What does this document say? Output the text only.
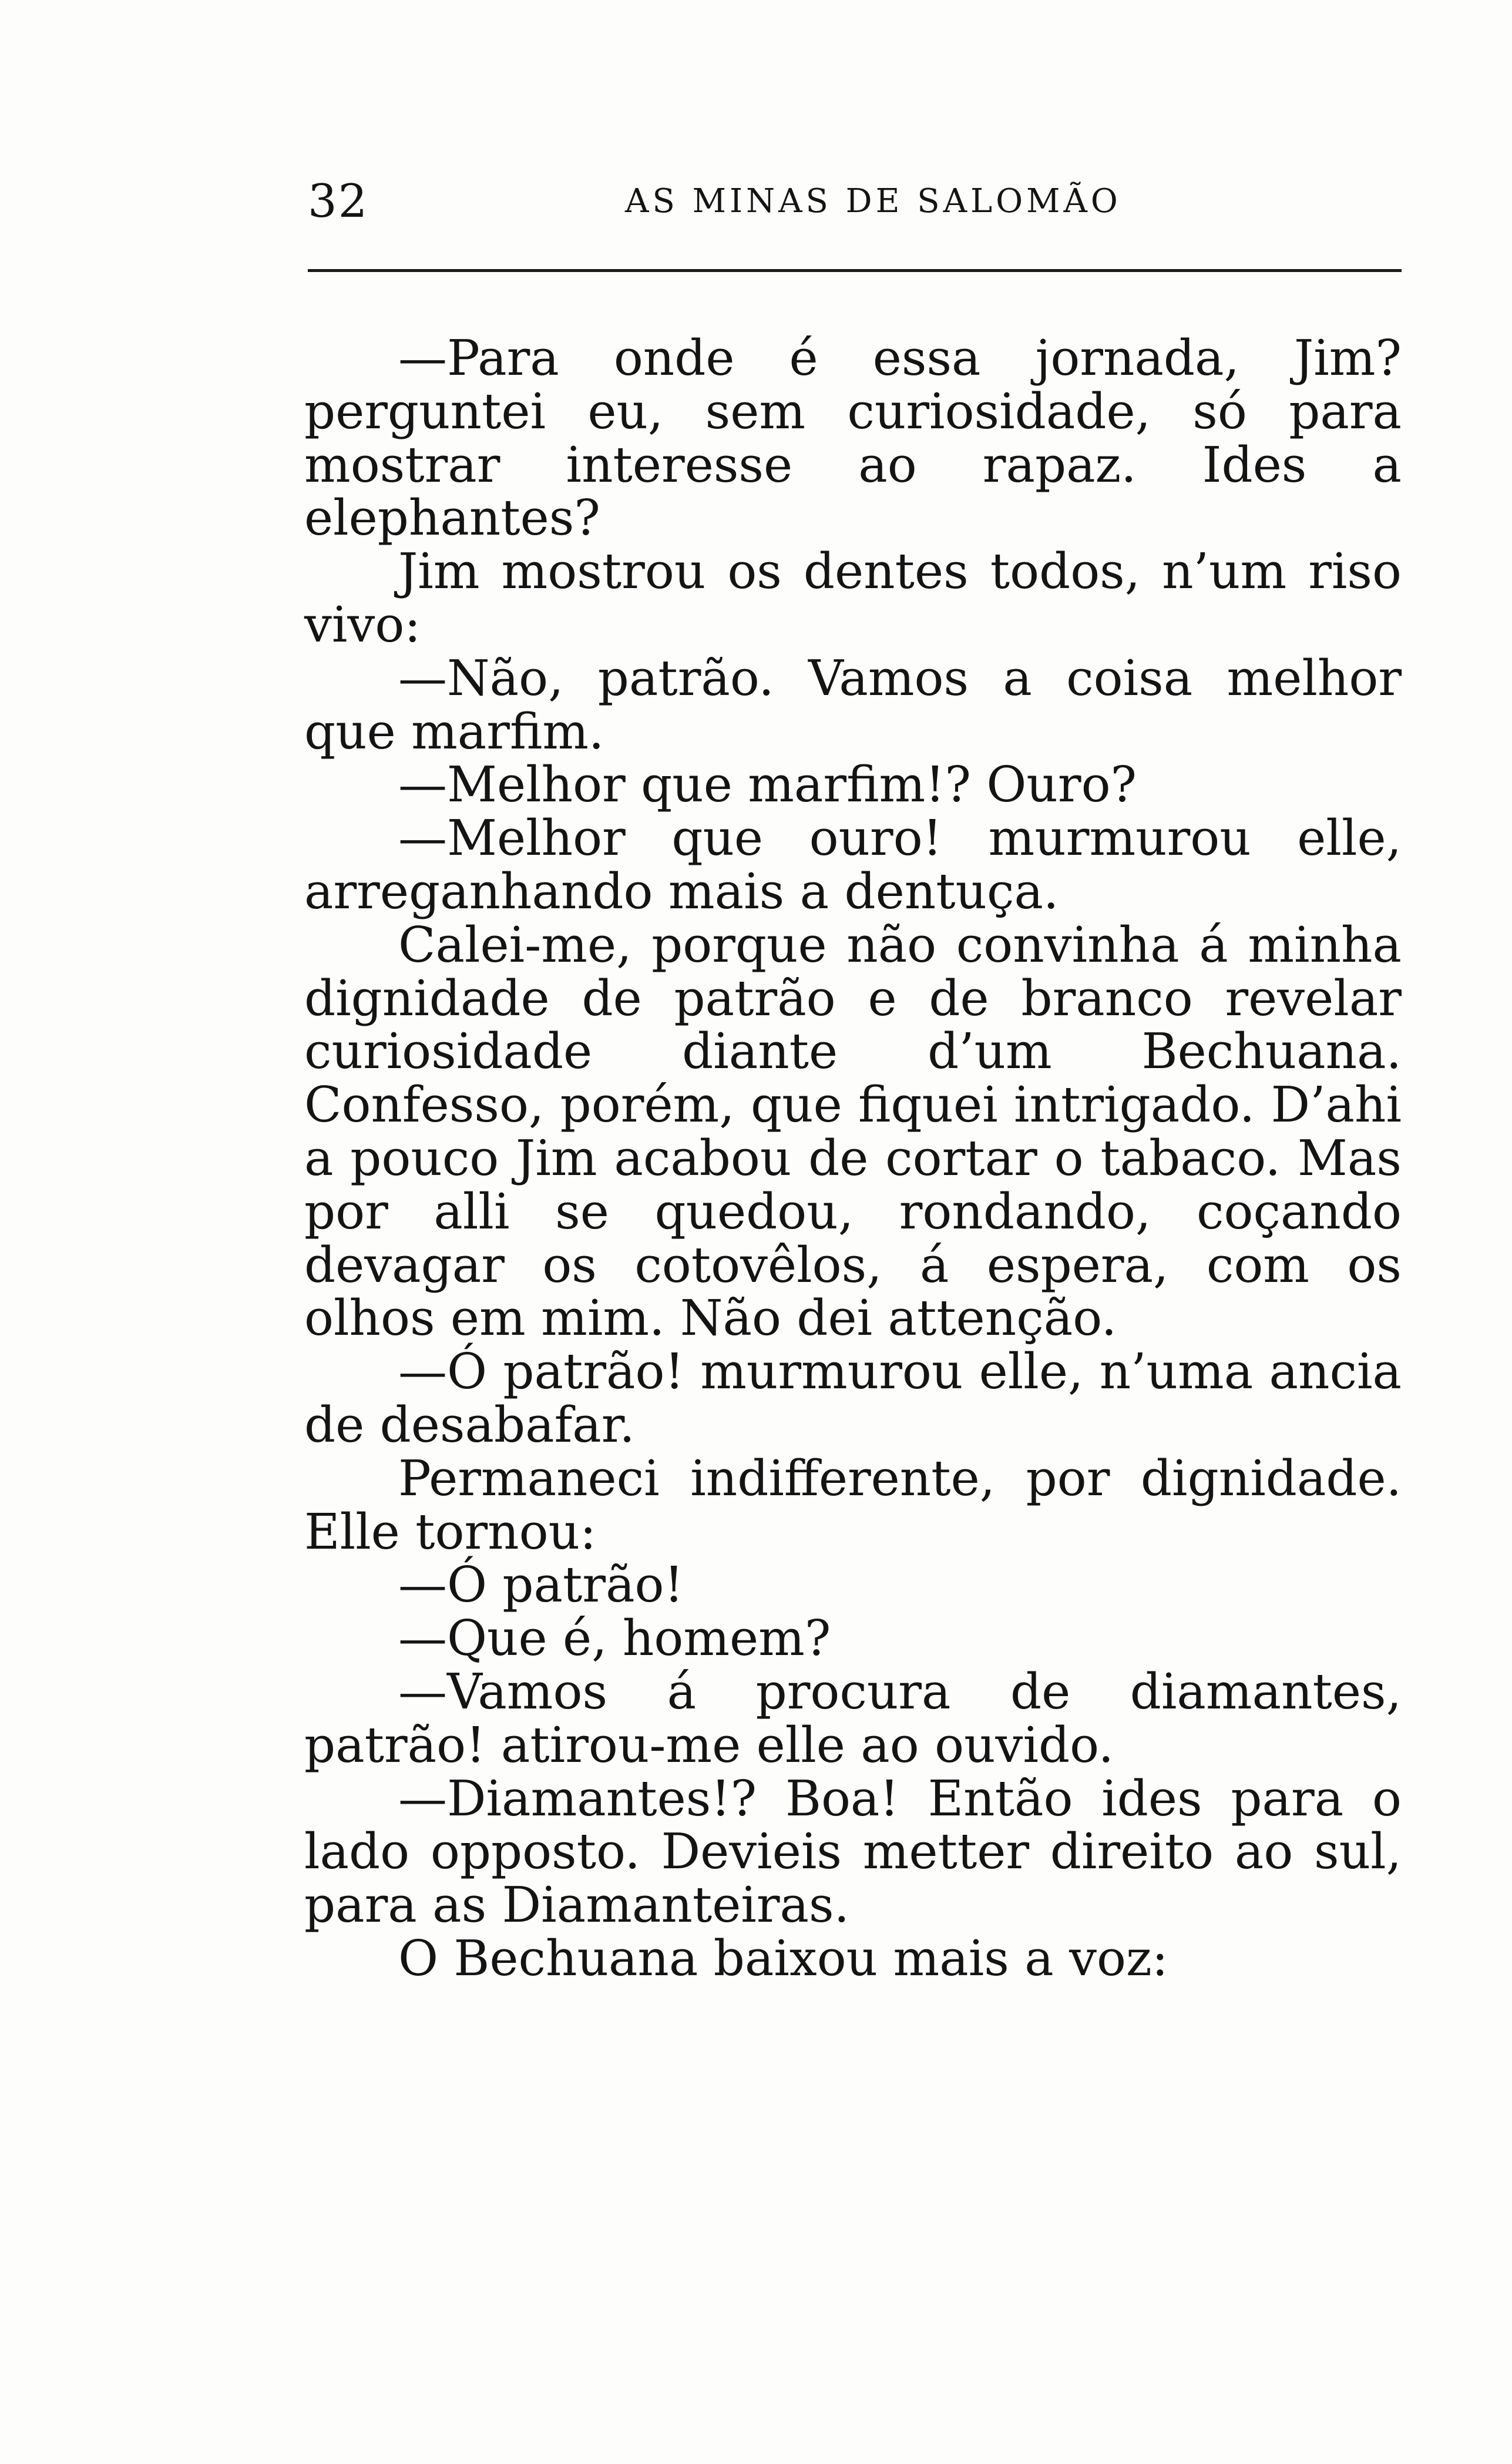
32	AS MINAS DE SALOMÃO

—Para onde é essa jornada, Jim? perguntei eu, sem curiosidade, só para mostrar interesse ao rapaz. Ides a elephantes?

Jim mostrou os dentes todos, n’um riso vivo:

—Não, patrão. Vamos a coisa melhor que marfim.

—Melhor que marfim!? Ouro?

—Melhor que ouro! murmurou elle, arreganhando mais a dentuça.

Calei-me, porque não convinha á minha dignidade de patrão e de branco revelar curiosidade diante d’um Bechuana. Confesso, porém, que fiquei intrigado. D’ahi a pouco Jim acabou de cortar o tabaco. Mas por alli se quedou, rondando, coçando devagar os cotovêlos, á espera, com os olhos em mim. Não dei attenção.

—Ó patrão! murmurou elle, n’uma ancia de desabafar.

Permaneci indifferente, por dignidade. Elle tornou:

—Ó patrão!

—Que é, homem?

—Vamos á procura de diamantes, patrão! atirou-me elle ao ouvido.

—Diamantes!? Boa! Então ides para o lado opposto. Devieis metter direito ao sul, para as Diamanteiras.

O Bechuana baixou mais a voz:
